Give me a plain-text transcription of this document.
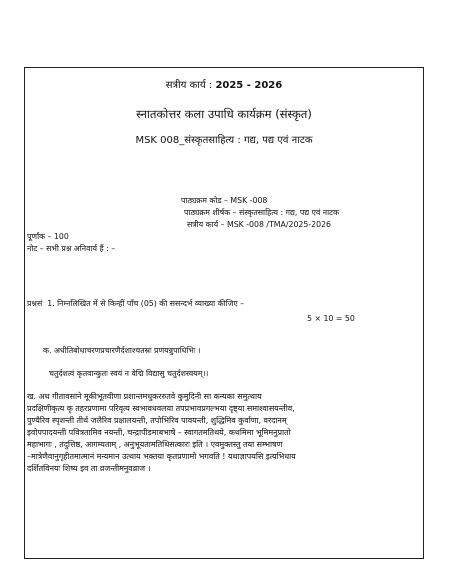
सत्रीय कार्य : 2025 - 2026
स्नातकोत्तर कला उपाधि कार्यक्रम (संस्कृत)
MSK 008_संस्कृतसाहित्य : गद्य, पद्य एवं नाटक
पाठ्यक्रम कोड – MSK -008
पाठ्यक्रम शीर्षक – संस्कृतसाहित्य : गद्य, पद्य एवं नाटक
सत्रीय कार्य – MSK -008 /TMA/2025-2026
पूर्णांक – 100
नोट – सभी प्रश्न अनिवार्य हैं : –
प्रश्नसं 1. निम्नलिखित में से किन्हीं पाँच (05) की ससन्दर्भ व्याख्या कीजिए –
5 × 10 = 50
क. अधीतिबोधाचरणप्रचारणैर्दशाश्चतस्रः प्रणयन्नुपाधिभिः ।
चतुर्दशत्वं कृतवान्कुतः स्वयं न वेद्मि विद्यासु चतुर्दशस्वयम्।।
ख. अथ गीतावसाने मूकीभूतवीणा प्रशान्तमधुकररुतवे कुमुदिनी सा कन्यका समुत्थाय
प्रदक्षिणीकृत्य कृ तहरप्रणामा परिवृत्य स्वभावधवलया तपप्रभावप्रगल्भया दृष्ट्या समाश्वासयन्तीव,
पुण्यैरिव स्पृशन्ती तीर्थ जलैरिव प्रक्षालयन्ती, तपोभिरिव पावयन्ती, शुद्धिमिव कुर्वाणा, वरदानम्
इवोपपादयन्ती पवित्रतामिव नयन्ती, चन्द्रापीडमाबभाषे – स्वागतमतिथये, कथमिमा भूमिमनुप्रातो
महाभागः , तदुत्तिष्ठ, आगम्यताम् , अनुभूयतामतिथिसत्कारः इति । एवमुक्तस्तु तया सम्भाषण
–मात्रेणैवानुगृहीतमात्मानं मन्यमान उत्थाय भक्तया कृतप्रणामो भगवति ! यथाज्ञापयसि इत्यभिधाय
दर्शितविनयः शिष्य इव ता व्रजन्तीमनुवव्राज ।
